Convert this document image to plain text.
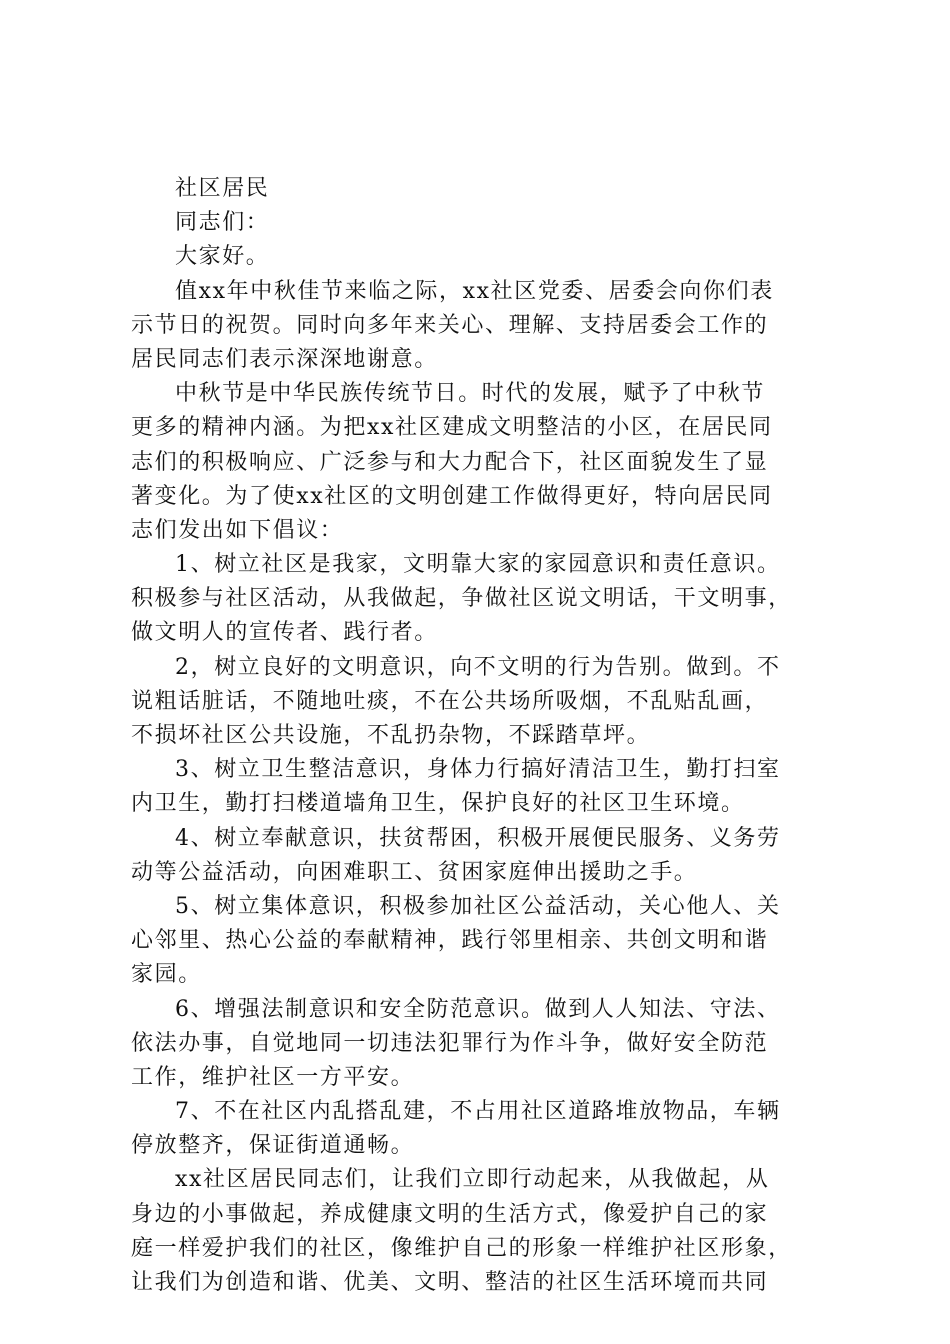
社区居民
同志们：
大家好。
值xx年中秋佳节来临之际，xx社区党委、居委会向你们表
示节日的祝贺。同时向多年来关心、理解、支持居委会工作的
居民同志们表示深深地谢意。
中秋节是中华民族传统节日。时代的发展，赋予了中秋节
更多的精神内涵。为把xx社区建成文明整洁的小区，在居民同
志们的积极响应、广泛参与和大力配合下，社区面貌发生了显
著变化。为了使xx社区的文明创建工作做得更好，特向居民同
志们发出如下倡议：
1、树立社区是我家，文明靠大家的家园意识和责任意识。
积极参与社区活动，从我做起，争做社区说文明话，干文明事，
做文明人的宣传者、践行者。
2，树立良好的文明意识，向不文明的行为告别。做到。不
说粗话脏话，不随地吐痰，不在公共场所吸烟，不乱贴乱画，
不损坏社区公共设施，不乱扔杂物，不踩踏草坪。
3、树立卫生整洁意识，身体力行搞好清洁卫生，勤打扫室
内卫生，勤打扫楼道墙角卫生，保护良好的社区卫生环境。
4、树立奉献意识，扶贫帮困，积极开展便民服务、义务劳
动等公益活动，向困难职工、贫困家庭伸出援助之手。
5、树立集体意识，积极参加社区公益活动，关心他人、关
心邻里、热心公益的奉献精神，践行邻里相亲、共创文明和谐
家园。
6、增强法制意识和安全防范意识。做到人人知法、守法、
依法办事，自觉地同一切违法犯罪行为作斗争，做好安全防范
工作，维护社区一方平安。
7、不在社区内乱搭乱建，不占用社区道路堆放物品，车辆
停放整齐，保证街道通畅。
xx社区居民同志们，让我们立即行动起来，从我做起，从
身边的小事做起，养成健康文明的生活方式，像爱护自己的家
庭一样爱护我们的社区，像维护自己的形象一样维护社区形象，
让我们为创造和谐、优美、文明、整洁的社区生活环境而共同
